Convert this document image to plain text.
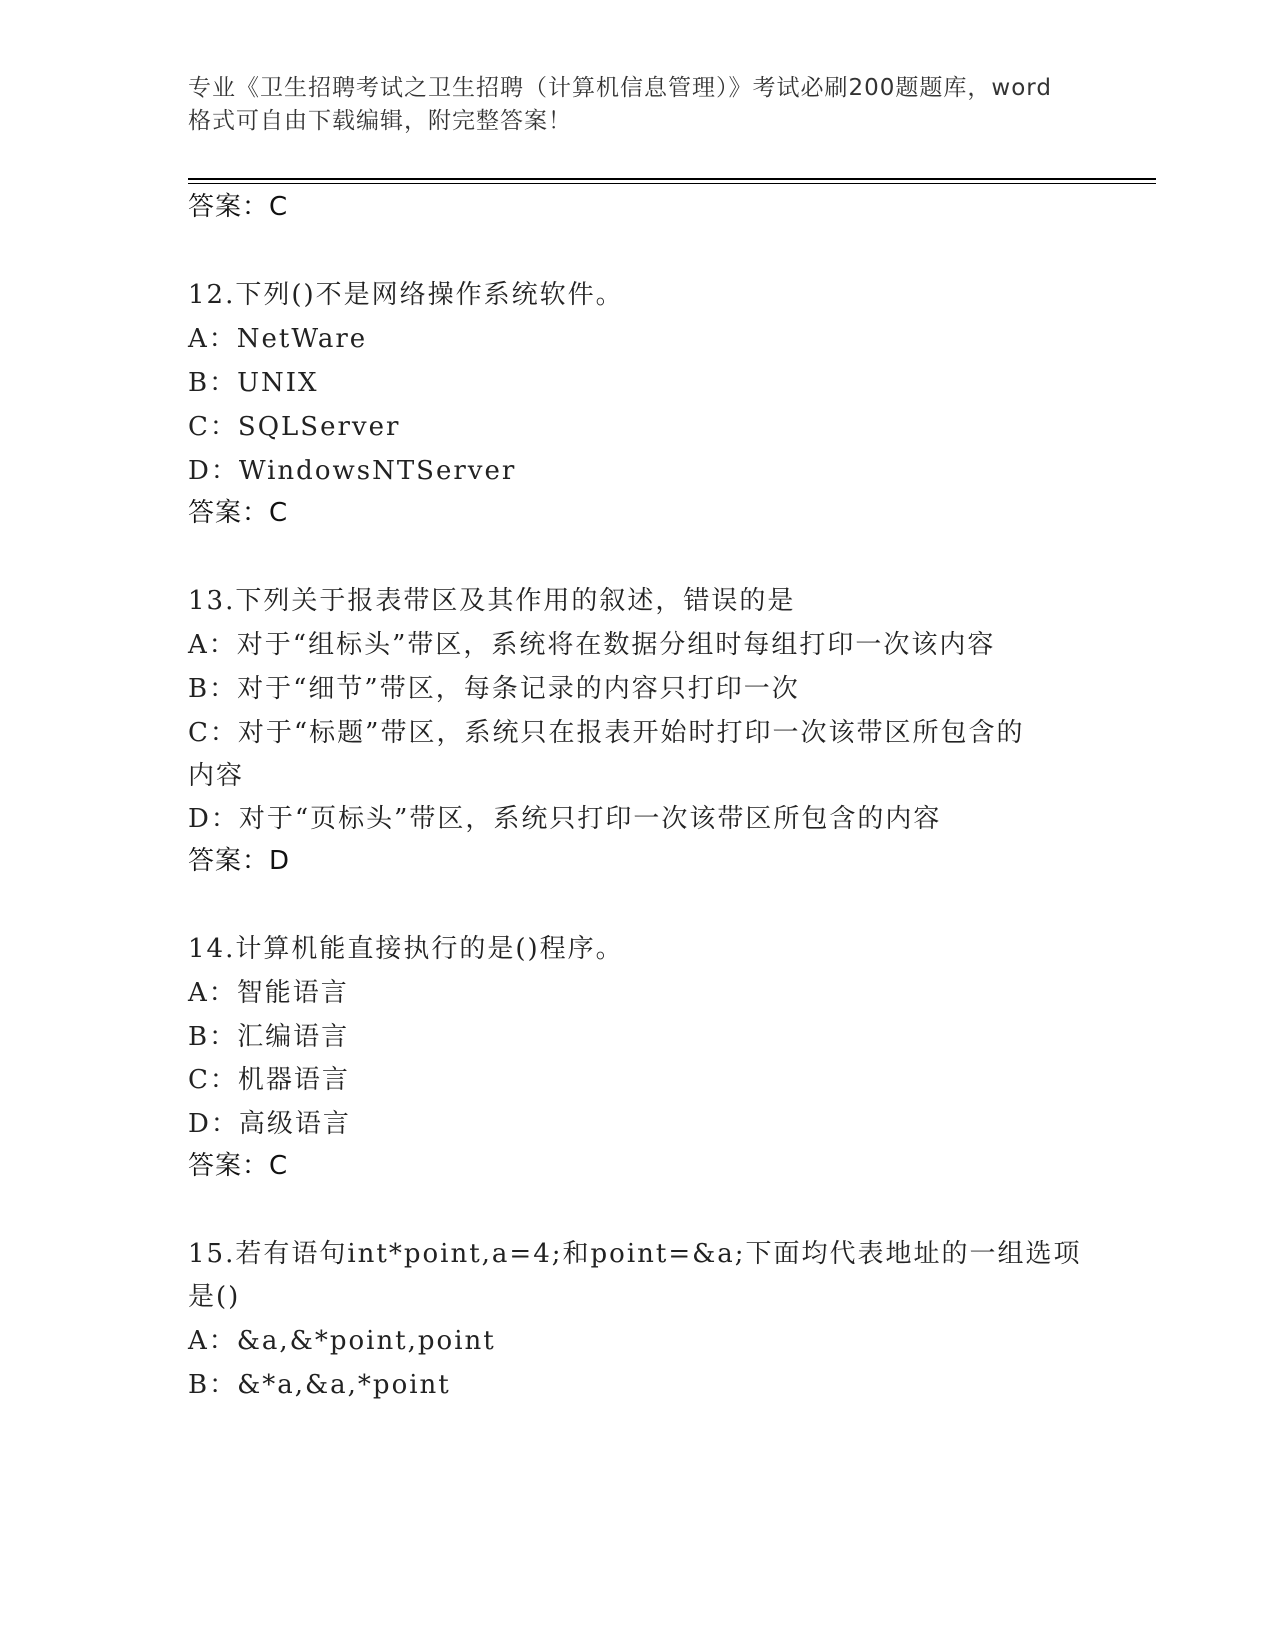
专业《卫生招聘考试之卫生招聘（计算机信息管理）》考试必刷200题题库，word
格式可自由下载编辑，附完整答案！
答案：C
12.下列()不是网络操作系统软件。
A：NetWare
B：UNIX
C：SQLServer
D：WindowsNTServer
答案：C
13.下列关于报表带区及其作用的叙述，错误的是
A：对于“组标头”带区，系统将在数据分组时每组打印一次该内容
B：对于“细节”带区，每条记录的内容只打印一次
C：对于“标题”带区，系统只在报表开始时打印一次该带区所包含的
内容
D：对于“页标头”带区，系统只打印一次该带区所包含的内容
答案：D
14.计算机能直接执行的是()程序。
A：智能语言
B：汇编语言
C：机器语言
D：高级语言
答案：C
15.若有语句int*point,a=4;和point=&a;下面均代表地址的一组选项
是()
A：&a,&*point,point
B：&*a,&a,*point
